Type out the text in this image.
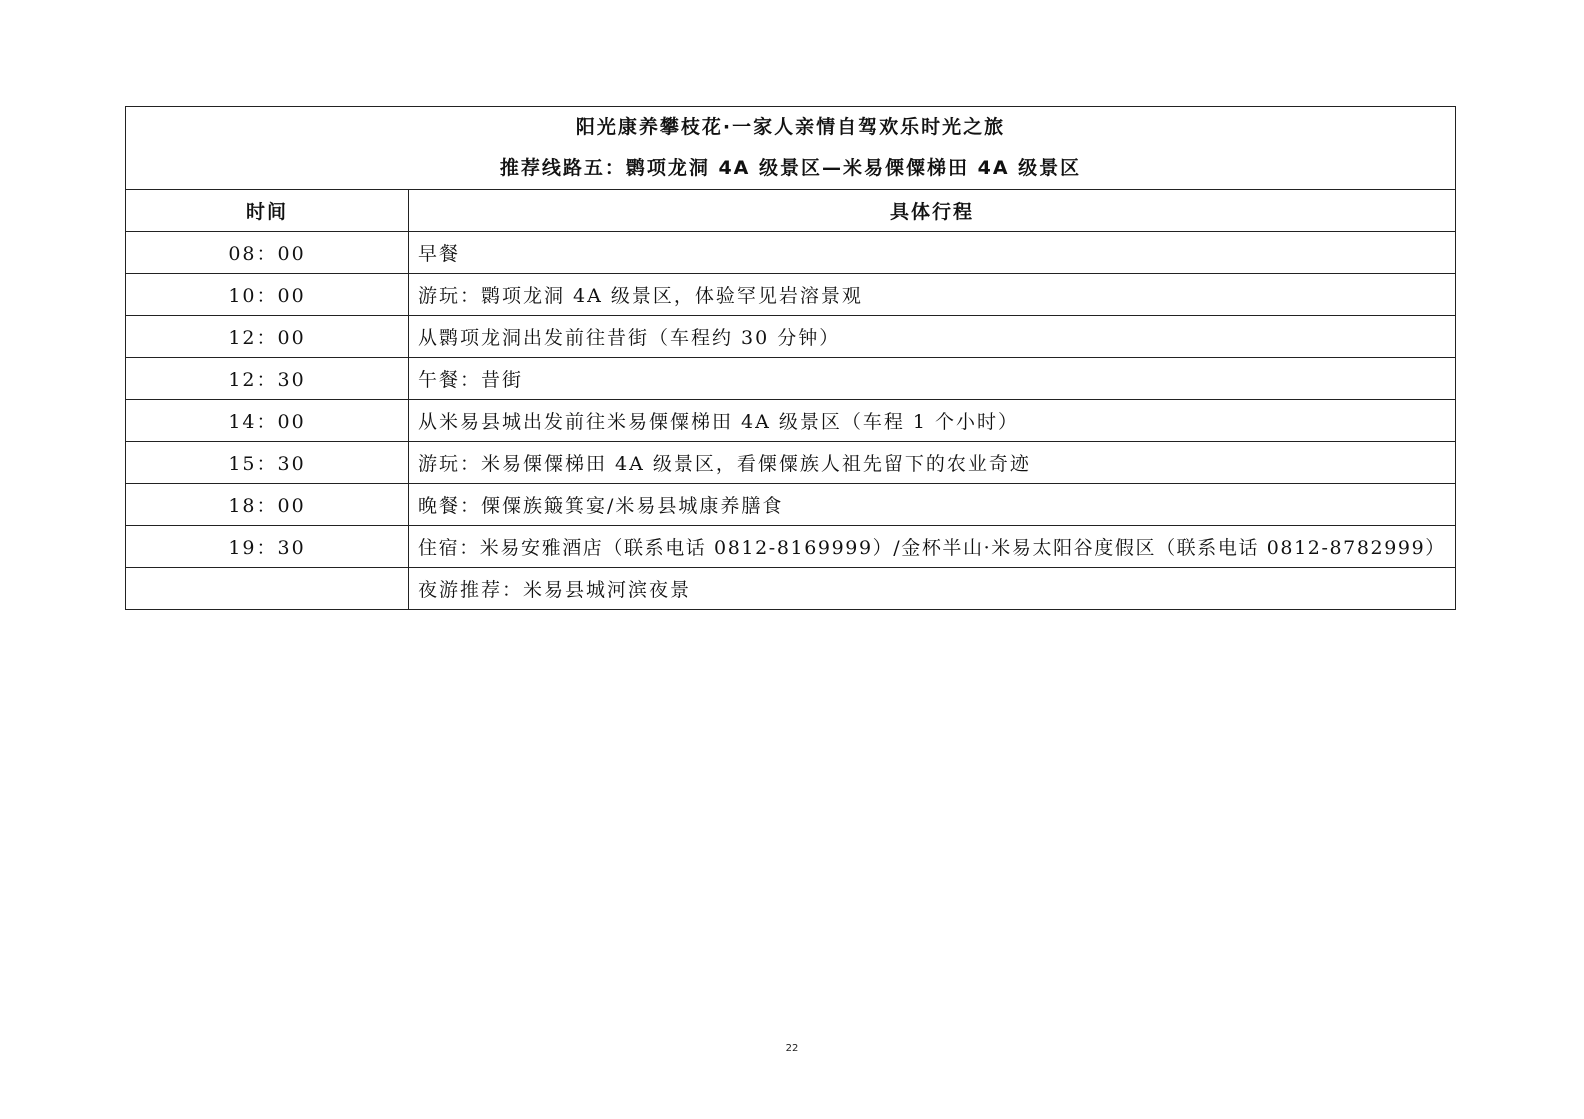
阳光康养攀枝花·一家人亲情自驾欢乐时光之旅
推荐线路五：鹮项龙洞 4A 级景区—米易傈僳梯田 4A 级景区	

时间	具体行程
08：00	早餐
10：00	游玩：鹮项龙洞 4A 级景区，体验罕见岩溶景观
12：00	从鹮项龙洞出发前往昔街（车程约 30 分钟）
12：30	午餐：昔街
14：00	从米易县城出发前往米易傈僳梯田 4A 级景区（车程 1 个小时）
15：30	游玩：米易傈僳梯田 4A 级景区，看傈僳族人祖先留下的农业奇迹
18：00	晚餐：傈僳族簸箕宴/米易县城康养膳食
19：30	住宿：米易安雅酒店（联系电话 0812-8169999）/金杯半山·米易太阳谷度假区（联系电话 0812-8782999）
	夜游推荐：米易县城河滨夜景
22
